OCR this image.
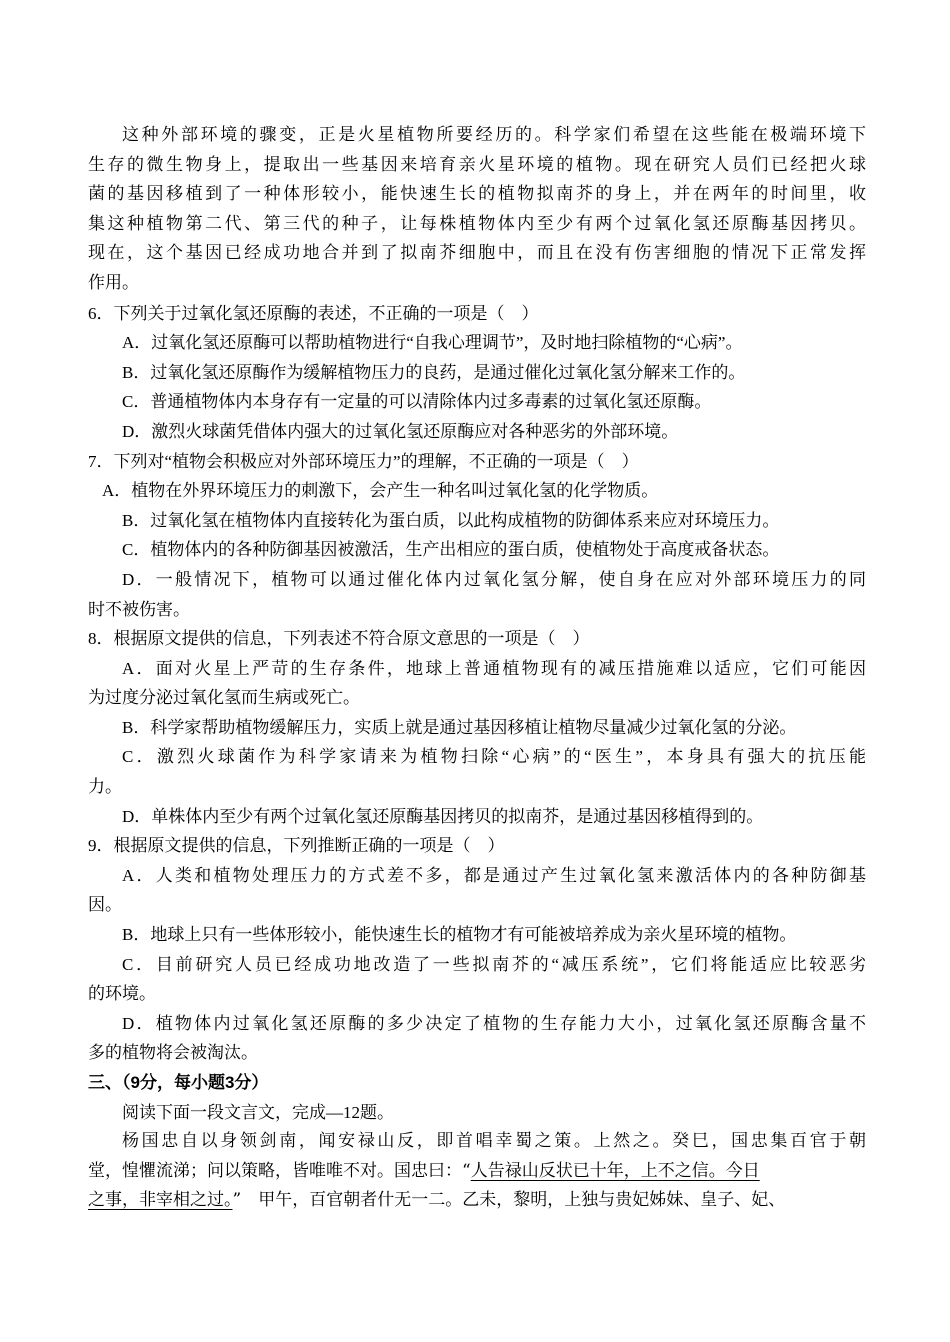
这种外部环境的骤变，正是火星植物所要经历的。科学家们希望在这些能在极端环境下
生存的微生物身上，提取出一些基因来培育亲火星环境的植物。现在研究人员们已经把火球
菌的基因移植到了一种体形较小，能快速生长的植物拟南芥的身上，并在两年的时间里，收
集这种植物第二代、第三代的种子，让每株植物体内至少有两个过氧化氢还原酶基因拷贝。
现在，这个基因已经成功地合并到了拟南芥细胞中，而且在没有伤害细胞的情况下正常发挥
作用。
6．下列关于过氧化氢还原酶的表述，不正确的一项是（　）
A．过氧化氢还原酶可以帮助植物进行“自我心理调节”，及时地扫除植物的“心病”。
B．过氧化氢还原酶作为缓解植物压力的良药，是通过催化过氧化氢分解来工作的。
C．普通植物体内本身存有一定量的可以清除体内过多毒素的过氧化氢还原酶。
D．激烈火球菌凭借体内强大的过氧化氢还原酶应对各种恶劣的外部环境。
7．下列对“植物会积极应对外部环境压力”的理解，不正确的一项是（　）
A．植物在外界环境压力的刺激下，会产生一种名叫过氧化氢的化学物质。
B．过氧化氢在植物体内直接转化为蛋白质，以此构成植物的防御体系来应对环境压力。
C．植物体内的各种防御基因被激活，生产出相应的蛋白质，使植物处于高度戒备状态。
D．一般情况下，植物可以通过催化体内过氧化氢分解，使自身在应对外部环境压力的同
时不被伤害。
8．根据原文提供的信息，下列表述不符合原文意思的一项是（　）
A．面对火星上严苛的生存条件，地球上普通植物现有的减压措施难以适应，它们可能因
为过度分泌过氧化氢而生病或死亡。
B．科学家帮助植物缓解压力，实质上就是通过基因移植让植物尽量减少过氧化氢的分泌。
C．激烈火球菌作为科学家请来为植物扫除“心病”的“医生”，本身具有强大的抗压能
力。
D．单株体内至少有两个过氧化氢还原酶基因拷贝的拟南芥，是通过基因移植得到的。
9．根据原文提供的信息，下列推断正确的一项是（　）
A．人类和植物处理压力的方式差不多，都是通过产生过氧化氢来激活体内的各种防御基
因。
B．地球上只有一些体形较小，能快速生长的植物才有可能被培养成为亲火星环境的植物。
C．目前研究人员已经成功地改造了一些拟南芥的“减压系统”，它们将能适应比较恶劣
的环境。
D．植物体内过氧化氢还原酶的多少决定了植物的生存能力大小，过氧化氢还原酶含量不
多的植物将会被淘汰。
三、（9分，每小题3分）
阅读下面一段文言文，完成—12题。
杨国忠自以身领剑南，闻安禄山反，即首唱幸蜀之策。上然之。癸巳，国忠集百官于朝
堂，惶懼流涕；问以策略，皆唯唯不对。国忠曰：“人告禄山反状已十年，上不之信。今日
之事，非宰相之过。”　甲午，百官朝者什无一二。乙未，黎明，上独与贵妃姊妹、皇子、妃、
